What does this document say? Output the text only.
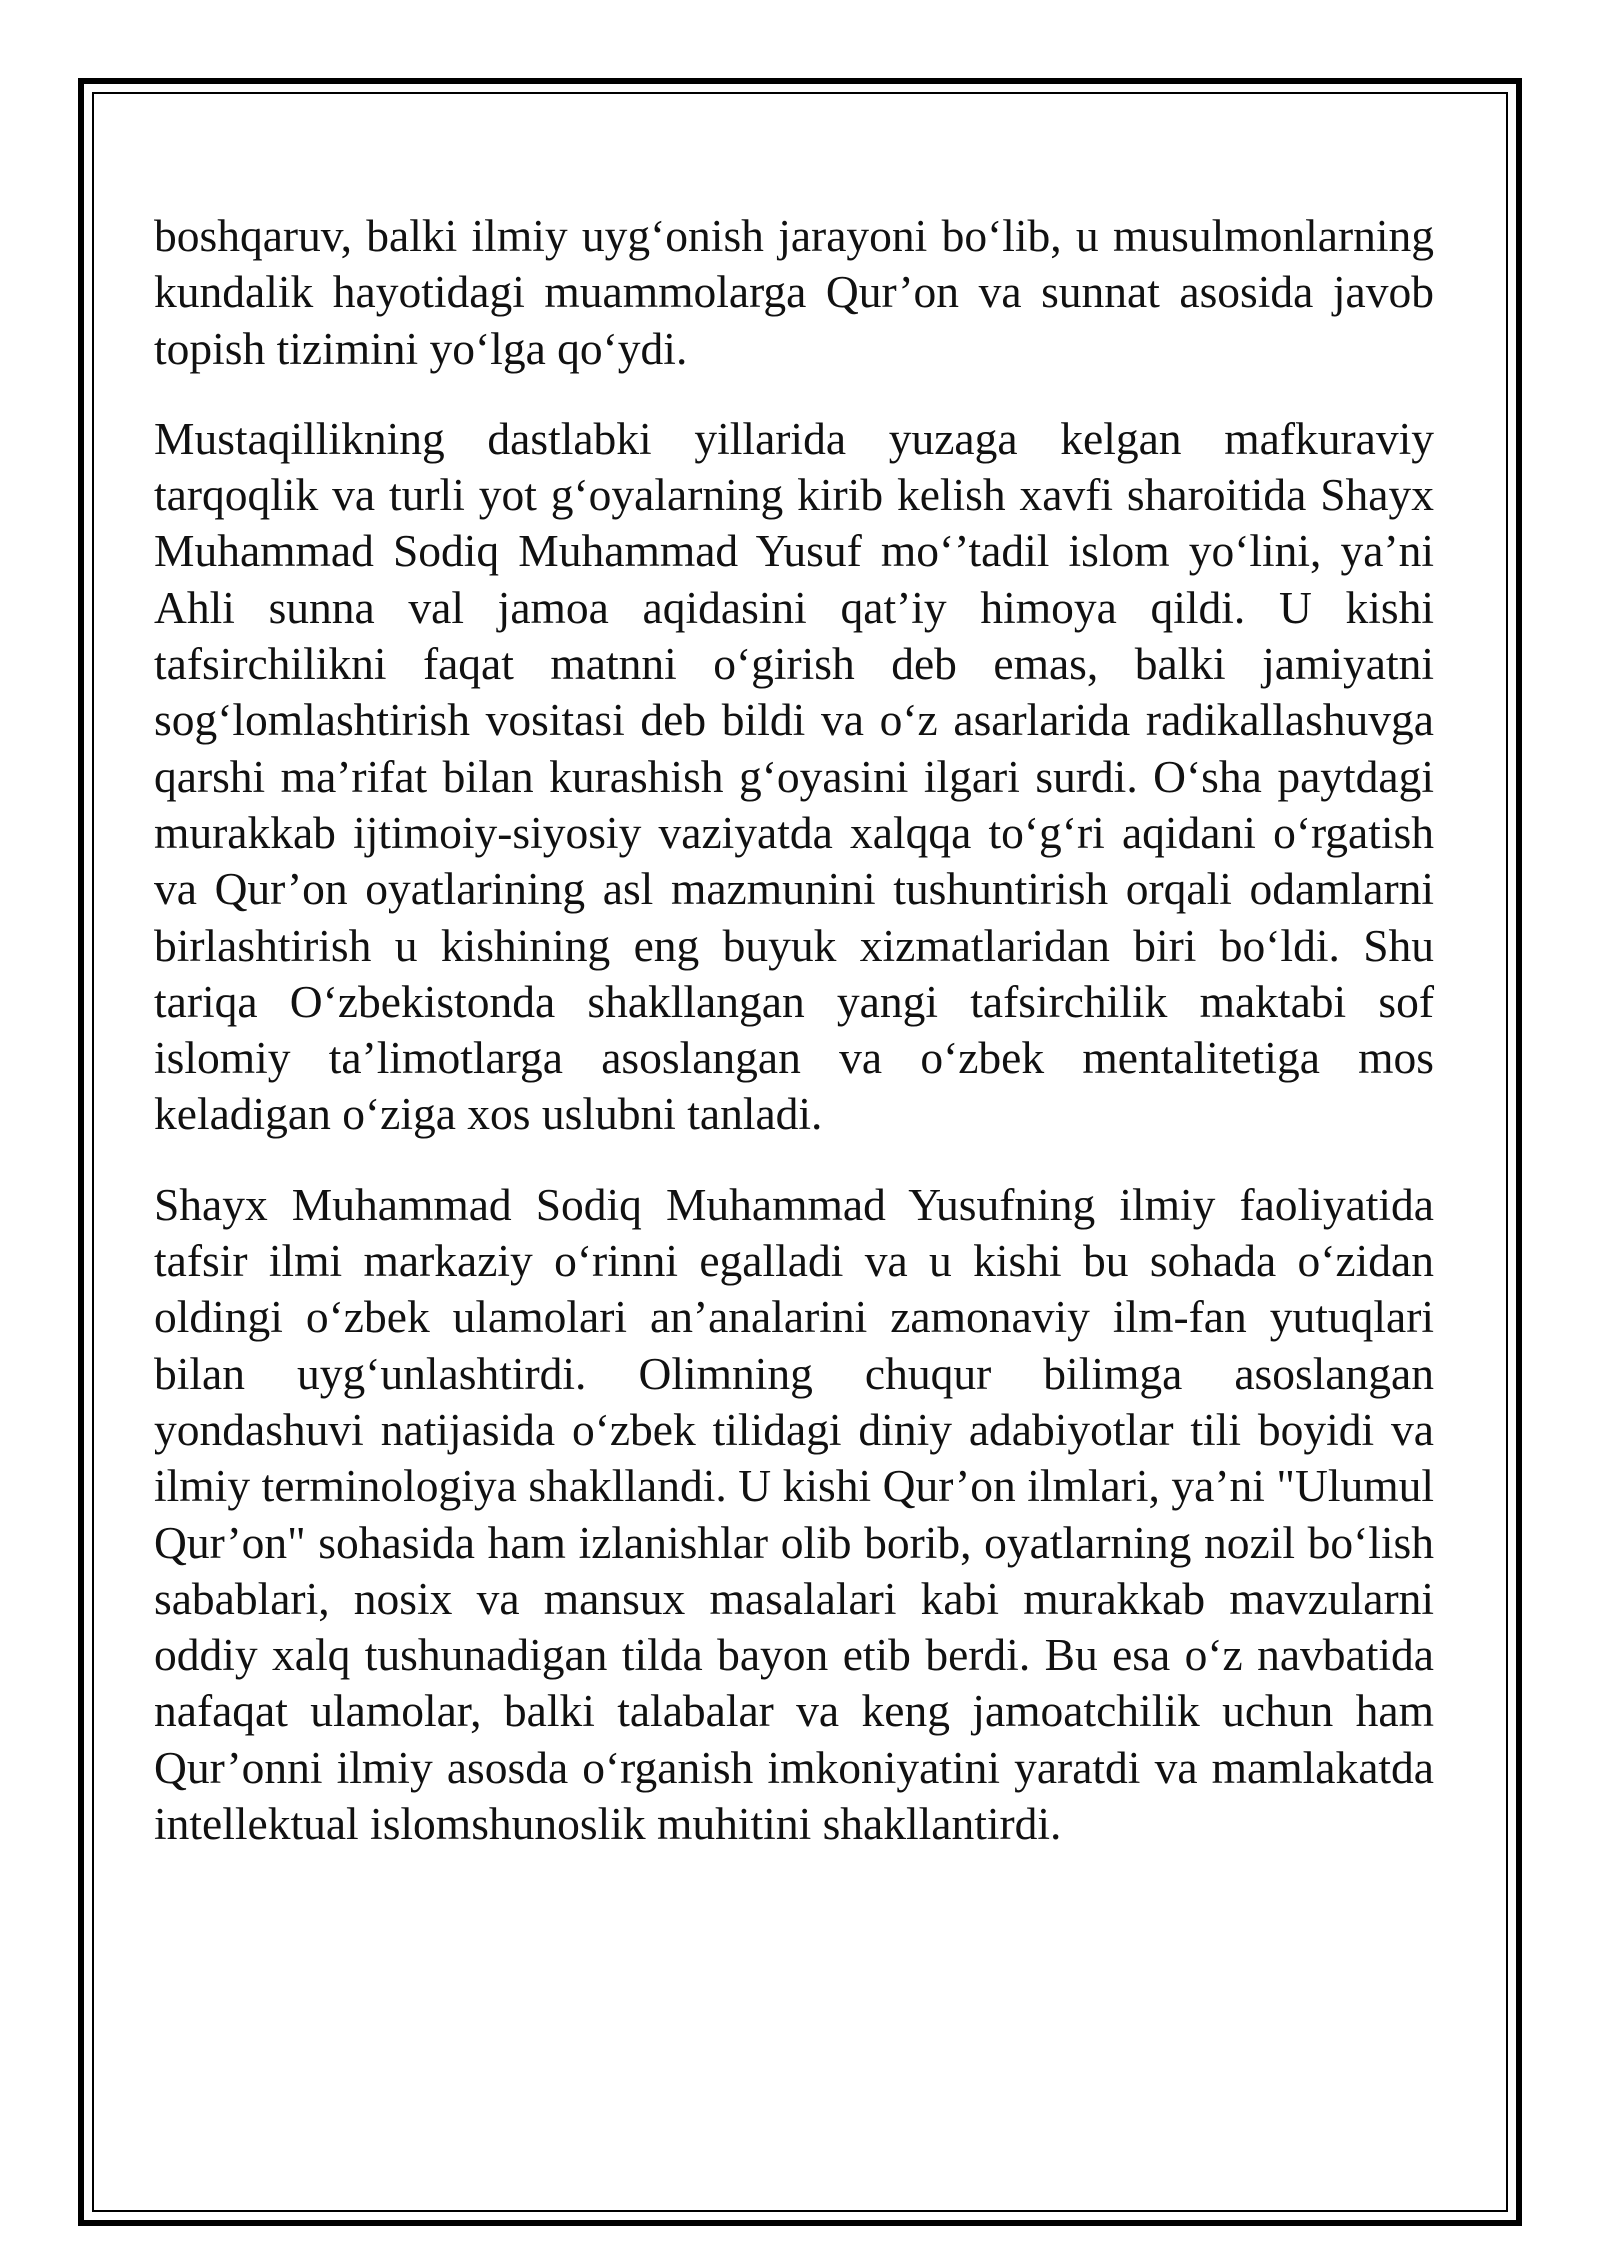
boshqaruv, balki ilmiy uyg‘onish jarayoni bo‘lib, u musulmonlarning kundalik hayotidagi muammolarga Qur’on va sunnat asosida javob topish tizimini yo‘lga qo‘ydi.

Mustaqillikning dastlabki yillarida yuzaga kelgan mafkuraviy tarqoqlik va turli yot g‘oyalarning kirib kelish xavfi sharoitida Shayx Muhammad Sodiq Muhammad Yusuf mo‘’tadil islom yo‘lini, ya’ni Ahli sunna val jamoa aqidasini qat’iy himoya qildi. U kishi tafsirchilikni faqat matnni o‘girish deb emas, balki jamiyatni sog‘lomlashtirish vositasi deb bildi va o‘z asarlarida radikallashuvga qarshi ma’rifat bilan kurashish g‘oyasini ilgari surdi. O‘sha paytdagi murakkab ijtimoiy-siyosiy vaziyatda xalqqa to‘g‘ri aqidani o‘rgatish va Qur’on oyatlarining asl mazmunini tushuntirish orqali odamlarni birlashtirish u kishining eng buyuk xizmatlaridan biri bo‘ldi. Shu tariqa O‘zbekistonda shakllangan yangi tafsirchilik maktabi sof islomiy ta’limotlarga asoslangan va o‘zbek mentalitetiga mos keladigan o‘ziga xos uslubni tanladi.

Shayx Muhammad Sodiq Muhammad Yusufning ilmiy faoliyatida tafsir ilmi markaziy o‘rinni egalladi va u kishi bu sohada o‘zidan oldingi o‘zbek ulamolari an’analarini zamonaviy ilm-fan yutuqlari bilan uyg‘unlashtirdi. Olimning chuqur bilimga asoslangan yondashuvi natijasida o‘zbek tilidagi diniy adabiyotlar tili boyidi va ilmiy terminologiya shakllandi. U kishi Qur’on ilmlari, ya’ni "Ulumul Qur’on" sohasida ham izlanishlar olib borib, oyatlarning nozil bo‘lish sabablari, nosix va mansux masalalari kabi murakkab mavzularni oddiy xalq tushunadigan tilda bayon etib berdi. Bu esa o‘z navbatida nafaqat ulamolar, balki talabalar va keng jamoatchilik uchun ham Qur’onni ilmiy asosda o‘rganish imkoniyatini yaratdi va mamlakatda intellektual islomshunoslik muhitini shakllantirdi.
